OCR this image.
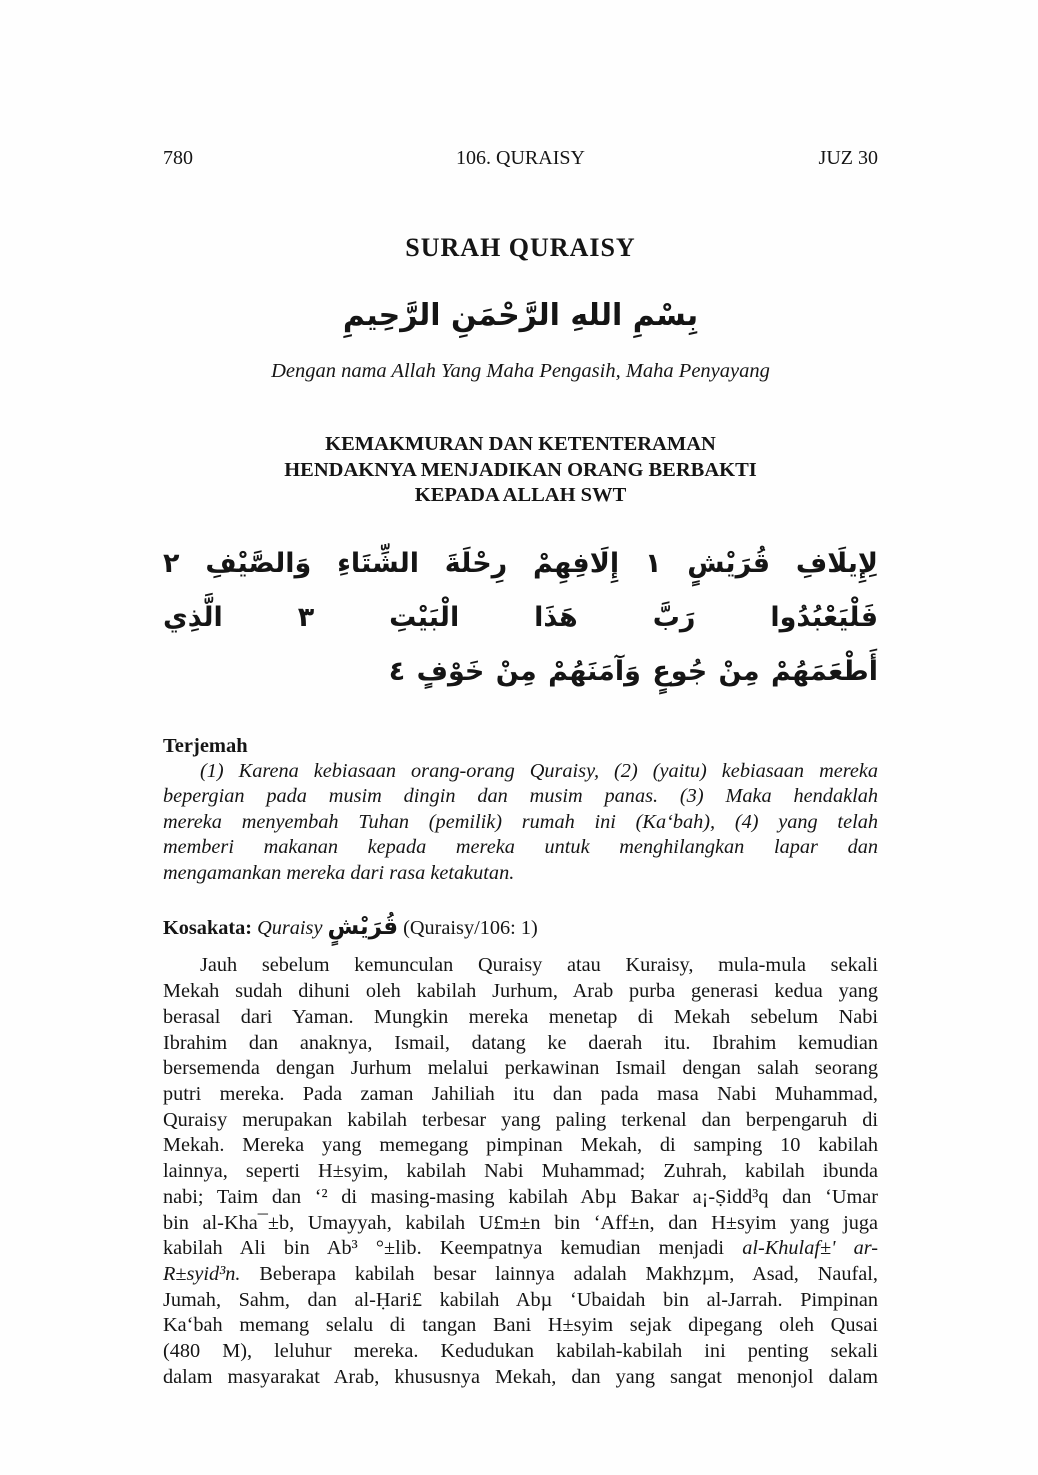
780	106. QURAISY	JUZ 30
SURAH QURAISY
بِسْمِ اللهِ الرَّحْمَنِ الرَّحِيمِ
Dengan nama Allah Yang Maha Pengasih, Maha Penyayang
KEMAKMURAN DAN KETENTERAMAN
HENDAKNYA MENJADIKAN ORANG BERBAKTI
KEPADA ALLAH SWT
لِإِيلَافِ قُرَيْشٍ ١ إِلَافِهِمْ رِحْلَةَ الشِّتَاءِ وَالصَّيْفِ ٢ فَلْيَعْبُدُوا رَبَّ هَذَا الْبَيْتِ ٣ الَّذِي
أَطْعَمَهُمْ مِنْ جُوعٍ وَآمَنَهُمْ مِنْ خَوْفٍ ٤
Terjemah
(1) Karena kebiasaan orang-orang Quraisy, (2) (yaitu) kebiasaan mereka
bepergian pada musim dingin dan musim panas. (3) Maka hendaklah
mereka menyembah Tuhan (pemilik) rumah ini (Ka‘bah), (4) yang telah
memberi makanan kepada mereka untuk menghilangkan lapar dan
mengamankan mereka dari rasa ketakutan.
Kosakata: Quraisy قُرَيْشٍ (Quraisy/106: 1)
Jauh sebelum kemunculan Quraisy atau Kuraisy, mula-mula sekali
Mekah sudah dihuni oleh kabilah Jurhum, Arab purba generasi kedua yang
berasal dari Yaman. Mungkin mereka menetap di Mekah sebelum Nabi
Ibrahim dan anaknya, Ismail, datang ke daerah itu. Ibrahim kemudian
bersemenda dengan Jurhum melalui perkawinan Ismail dengan salah seorang
putri mereka. Pada zaman Jahiliah itu dan pada masa Nabi Muhammad,
Quraisy merupakan kabilah terbesar yang paling terkenal dan berpengaruh di
Mekah. Mereka yang memegang pimpinan Mekah, di samping 10 kabilah
lainnya, seperti H±syim, kabilah Nabi Muhammad; Zuhrah, kabilah ibunda
nabi; Taim dan ‘² di masing-masing kabilah Abµ Bakar a¡-Ṣidd³q dan ‘Umar
bin al-Kha¯±b, Umayyah, kabilah U£m±n bin ‘Aff±n, dan H±syim yang juga
kabilah Ali bin Ab³ °±lib. Keempatnya kemudian menjadi al-Khulaf±' ar-
R±syid³n. Beberapa kabilah besar lainnya adalah Makhzµm, Asad, Naufal,
Jumah, Sahm, dan al-Ḥari£ kabilah Abµ ‘Ubaidah bin al-Jarrah. Pimpinan
Ka‘bah memang selalu di tangan Bani H±syim sejak dipegang oleh Qusai
(480 M), leluhur mereka. Kedudukan kabilah-kabilah ini penting sekali
dalam masyarakat Arab, khususnya Mekah, dan yang sangat menonjol dalam
